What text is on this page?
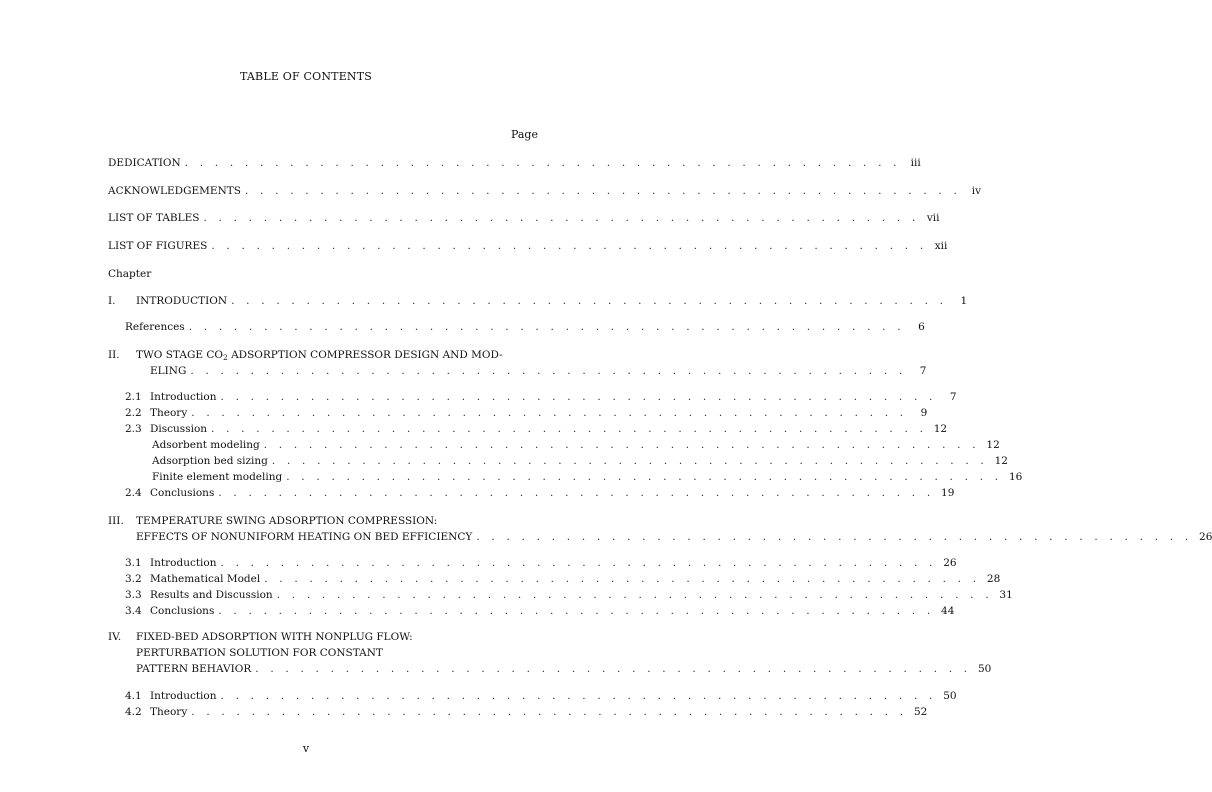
TABLE OF CONTENTS
Page
DEDICATION . . . . . . . . . . . . . . . . . . . . . . . . . . . . . . . . . . . . . . . . . . . . . . . . iii
ACKNOWLEDGEMENTS . . . . . . . . . . . . . . . . . . . . . . . . . . . . . . . . . . . . . . . . . . . . . . . .	iv
LIST OF TABLES . . . . . . . . . . . . . . . . . . . . . . . . . . . . . . . . . . . . . . . . . . . . . . . . vii
LIST OF FIGURES . . . . . . . . . . . . . . . . . . . . . . . . . . . . . . . . . . . . . . . . . . . . . . . . xii
Chapter
I. INTRODUCTION . . . . . . . . . . . . . . . . . . . . . . . . . . . . . . . . . . . . . . . . . . . . . . . .	1
References . . . . . . . . . . . . . . . . . . . . . . . . . . . . . . . . . . . . . . . . . . . . . . . .	6
II. TWO STAGE $CO_2$ ADSORPTION COMPRESSOR DESIGN AND MOD-
ELING . . . . . . . . . . . . . . . . . . . . . . . . . . . . . . . . . . . . . . . . . . . . . . . .	7
2.1 Introduction . . . . . . . . . . . . . . . . . . . . . . . . . . . . . . . . . . . . . . . . . . . . . . . .	7
2.2 Theory . . . . . . . . . . . . . . . . . . . . . . . . . . . . . . . . . . . . . . . . . . . . . . . .	9
2.3 Discussion . . . . . . . . . . . . . . . . . . . . . . . . . . . . . . . . . . . . . . . . . . . . . . . . 12
Adsorbent modeling . . . . . . . . . . . . . . . . . . . . . . . . . . . . . . . . . . . . . . . . . . . . . . . . 12
Adsorption bed sizing . . . . . . . . . . . . . . . . . . . . . . . . . . . . . . . . . . . . . . . . . . . . . . . . 12
Finite element modeling . . . . . . . . . . . . . . . . . . . . . . . . . . . . . . . . . . . . . . . . . . . . . . . . 16
2.4 Conclusions . . . . . . . . . . . . . . . . . . . . . . . . . . . . . . . . . . . . . . . . . . . . . . . . 19
III. TEMPERATURE SWING ADSORPTION COMPRESSION:
EFFECTS OF NONUNIFORM HEATING ON BED EFFICIENCY . . . . . . . . . . . . . . . . . . . . . . . . . . . . . . . . . . . . . . . . . . . . . . . . 26
3.1 Introduction . . . . . . . . . . . . . . . . . . . . . . . . . . . . . . . . . . . . . . . . . . . . . . . . 26
3.2 Mathematical Model . . . . . . . . . . . . . . . . . . . . . . . . . . . . . . . . . . . . . . . . . . . . . . . . 28
3.3 Results and Discussion . . . . . . . . . . . . . . . . . . . . . . . . . . . . . . . . . . . . . . . . . . . . . . . . 31
3.4 Conclusions . . . . . . . . . . . . . . . . . . . . . . . . . . . . . . . . . . . . . . . . . . . . . . . . 44
IV. FIXED-BED ADSORPTION WITH NONPLUG FLOW:
PERTURBATION SOLUTION FOR CONSTANT
PATTERN BEHAVIOR . . . . . . . . . . . . . . . . . . . . . . . . . . . . . . . . . . . . . . . . . . . . . . . . 50
4.1 Introduction . . . . . . . . . . . . . . . . . . . . . . . . . . . . . . . . . . . . . . . . . . . . . . . . 50
4.2 Theory . . . . . . . . . . . . . . . . . . . . . . . . . . . . . . . . . . . . . . . . . . . . . . . . 52
v
